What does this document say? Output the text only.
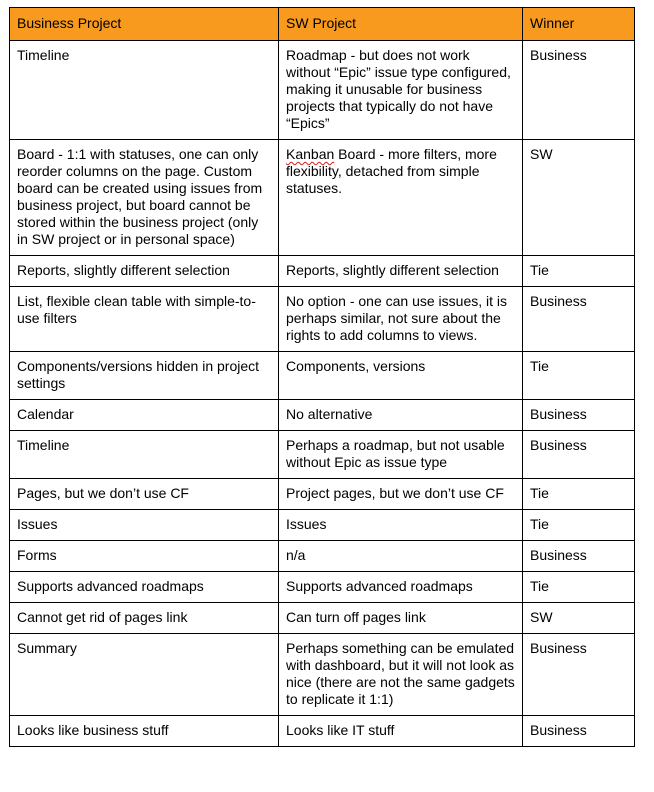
Business Project	SW Project	Winner
Timeline	Roadmap - but does not work without “Epic” issue type configured, making it unusable for business projects that typically do not have “Epics”	Business
Board - 1:1 with statuses, one can only reorder columns on the page. Custom board can be created using issues from business project, but board cannot be stored within the business project (only in SW project or in personal space)	Kanban Board - more filters, more flexibility, detached from simple statuses.	SW
Reports, slightly different selection	Reports, slightly different selection	Tie
List, flexible clean table with simple-to-use filters	No option - one can use issues, it is perhaps similar, not sure about the rights to add columns to views.	Business
Components/versions hidden in project settings	Components, versions	Tie
Calendar	No alternative	Business
Timeline	Perhaps a roadmap, but not usable without Epic as issue type	Business
Pages, but we don’t use CF	Project pages, but we don’t use CF	Tie
Issues	Issues	Tie
Forms	n/a	Business
Supports advanced roadmaps	Supports advanced roadmaps	Tie
Cannot get rid of pages link	Can turn off pages link	SW
Summary	Perhaps something can be emulated with dashboard, but it will not look as nice (there are not the same gadgets to replicate it 1:1)	Business
Looks like business stuff	Looks like IT stuff	Business
